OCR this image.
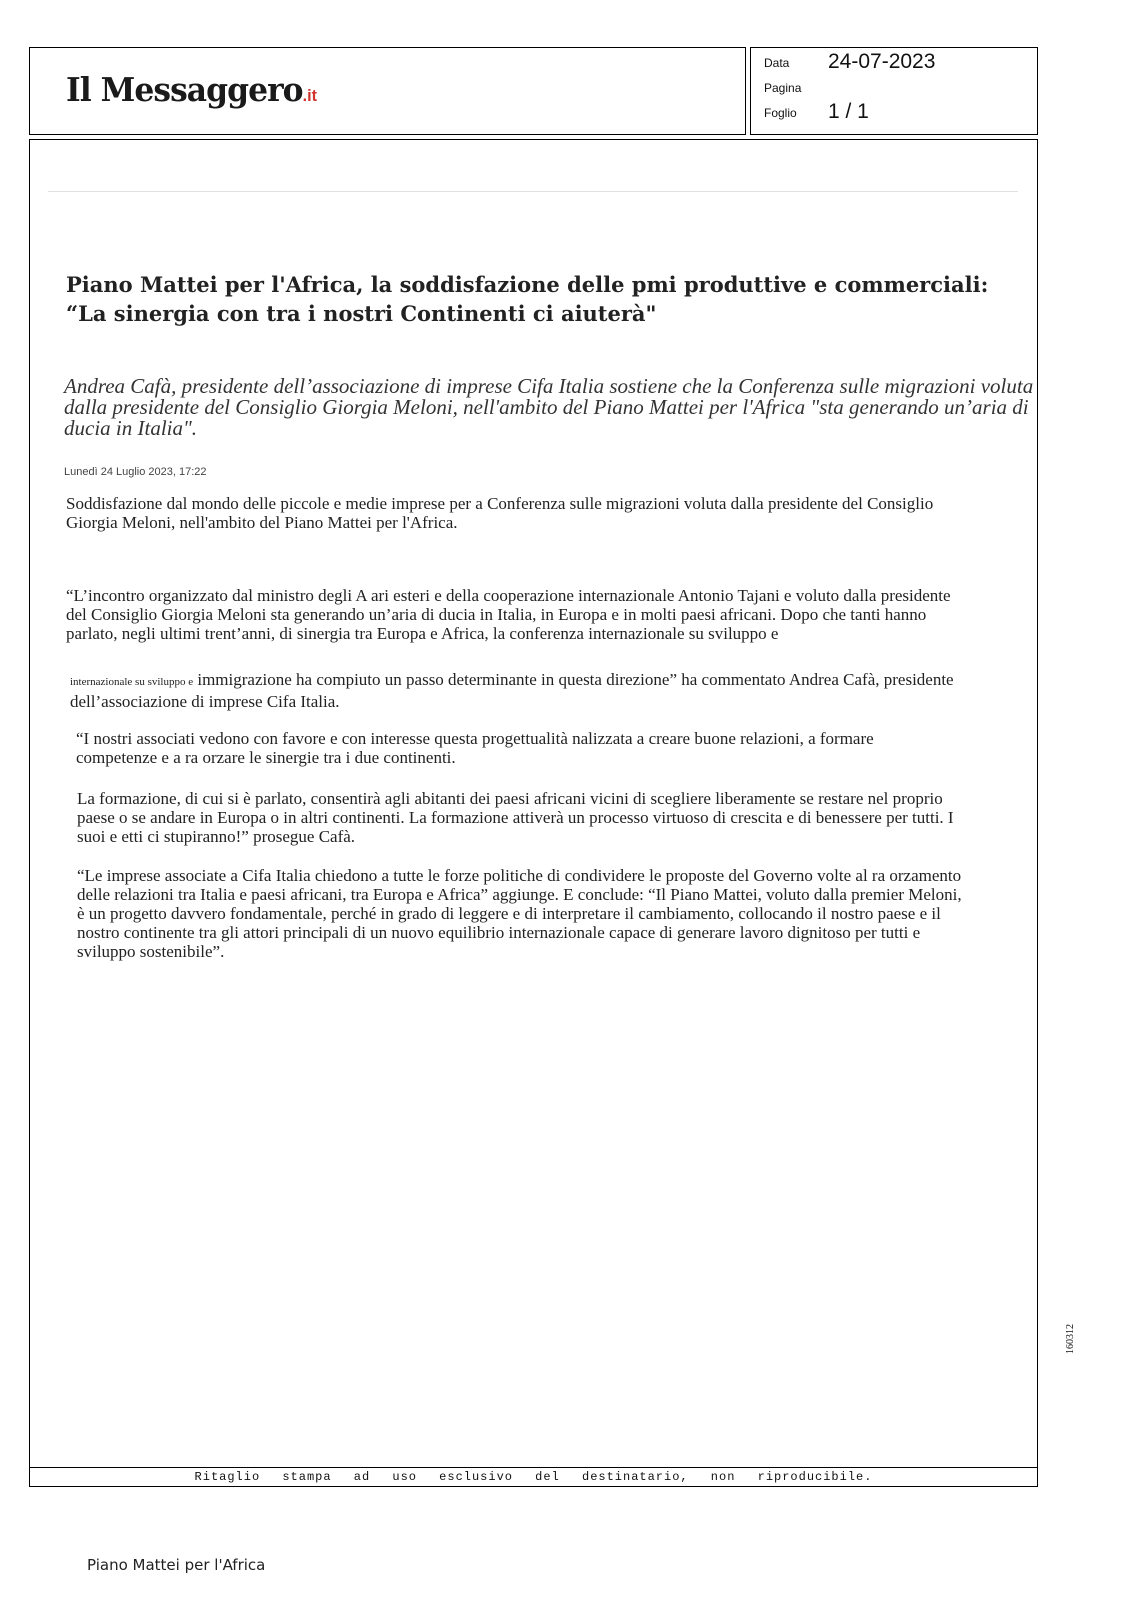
Il Messaggero.it
Data 24-07-2023
Pagina
Foglio 1 / 1
Piano Mattei per l'Africa, la soddisfazione delle pmi produttive e commerciali: “La sinergia con tra i nostri Continenti ci aiuterà"
Andrea Cafà, presidente dell’associazione di imprese Cifa Italia sostiene che la Conferenza sulle migrazioni voluta dalla presidente del Consiglio Giorgia Meloni, nell'ambito del Piano Mattei per l'Africa "sta generando un’aria di ducia in Italia".
Lunedì 24 Luglio 2023, 17:22
Soddisfazione dal mondo delle piccole e medie imprese per a Conferenza sulle migrazioni voluta dalla presidente del Consiglio Giorgia Meloni, nell'ambito del Piano Mattei per l'Africa.
“L’incontro organizzato dal ministro degli A ari esteri e della cooperazione internazionale Antonio Tajani e voluto dalla presidente del Consiglio Giorgia Meloni sta generando un’aria di ducia in Italia, in Europa e in molti paesi africani. Dopo che tanti hanno parlato, negli ultimi trent’anni, di sinergia tra Europa e Africa, la conferenza internazionale su sviluppo e
internazionale su sviluppo e immigrazione ha compiuto un passo determinante in questa direzione” ha commentato Andrea Cafà, presidente dell’associazione di imprese Cifa Italia.
“I nostri associati vedono con favore e con interesse questa progettualità nalizzata a creare buone relazioni, a formare competenze e a ra orzare le sinergie tra i due continenti.
La formazione, di cui si è parlato, consentirà agli abitanti dei paesi africani vicini di scegliere liberamente se restare nel proprio paese o se andare in Europa o in altri continenti. La formazione attiverà un processo virtuoso di crescita e di benessere per tutti. I suoi e etti ci stupiranno!” prosegue Cafà.
“Le imprese associate a Cifa Italia chiedono a tutte le forze politiche di condividere le proposte del Governo volte al ra orzamento delle relazioni tra Italia e paesi africani, tra Europa e Africa” aggiunge. E conclude: “Il Piano Mattei, voluto dalla premier Meloni, è un progetto davvero fondamentale, perché in grado di leggere e di interpretare il cambiamento, collocando il nostro paese e il nostro continente tra gli attori principali di un nuovo equilibrio internazionale capace di generare lavoro dignitoso per tutti e sviluppo sostenibile”.
160312
Ritaglio stampa ad uso esclusivo del destinatario, non riproducibile.
Piano Mattei per l'Africa
